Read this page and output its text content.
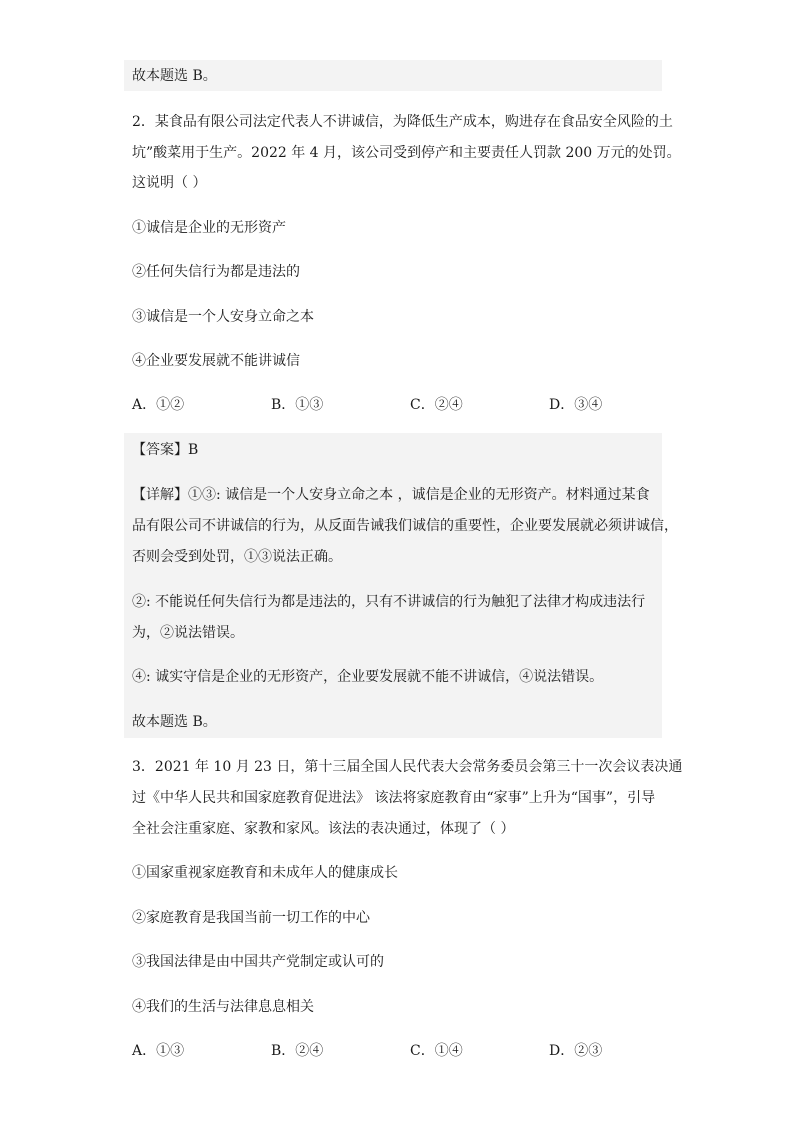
故本题选 B。
2．某食品有限公司法定代表人不讲诚信，为降低生产成本，购进存在食品安全风险的土
坑”酸菜用于生产。2022 年 4 月，该公司受到停产和主要责任人罚款 200 万元的处罚。
这说明（ ）
①诚信是企业的无形资产
②任何失信行为都是违法的
③诚信是一个人安身立命之本
④企业要发展就不能讲诚信
A．①②	B．①③	C．②④	D．③④
【答案】B
【详解】①③: 诚信是一个人安身立命之本 ，诚信是企业的无形资产。材料通过某食
品有限公司不讲诚信的行为，从反面告诫我们诚信的重要性，企业要发展就必须讲诚信，
否则会受到处罚，①③说法正确。
②: 不能说任何失信行为都是违法的，只有不讲诚信的行为触犯了法律才构成违法行
为，②说法错误。
④: 诚实守信是企业的无形资产，企业要发展就不能不讲诚信，④说法错误。
故本题选 B。
3．2021 年 10 月 23 日，第十三届全国人民代表大会常务委员会第三十一次会议表决通
过《中华人民共和国家庭教育促进法》 该法将家庭教育由“家事”上升为“国事”，引导
全社会注重家庭、家教和家风。该法的表决通过，体现了（ ）
①国家重视家庭教育和未成年人的健康成长
②家庭教育是我国当前一切工作的中心
③我国法律是由中国共产党制定或认可的
④我们的生活与法律息息相关
A．①③	B．②④	C．①④	D．②③
